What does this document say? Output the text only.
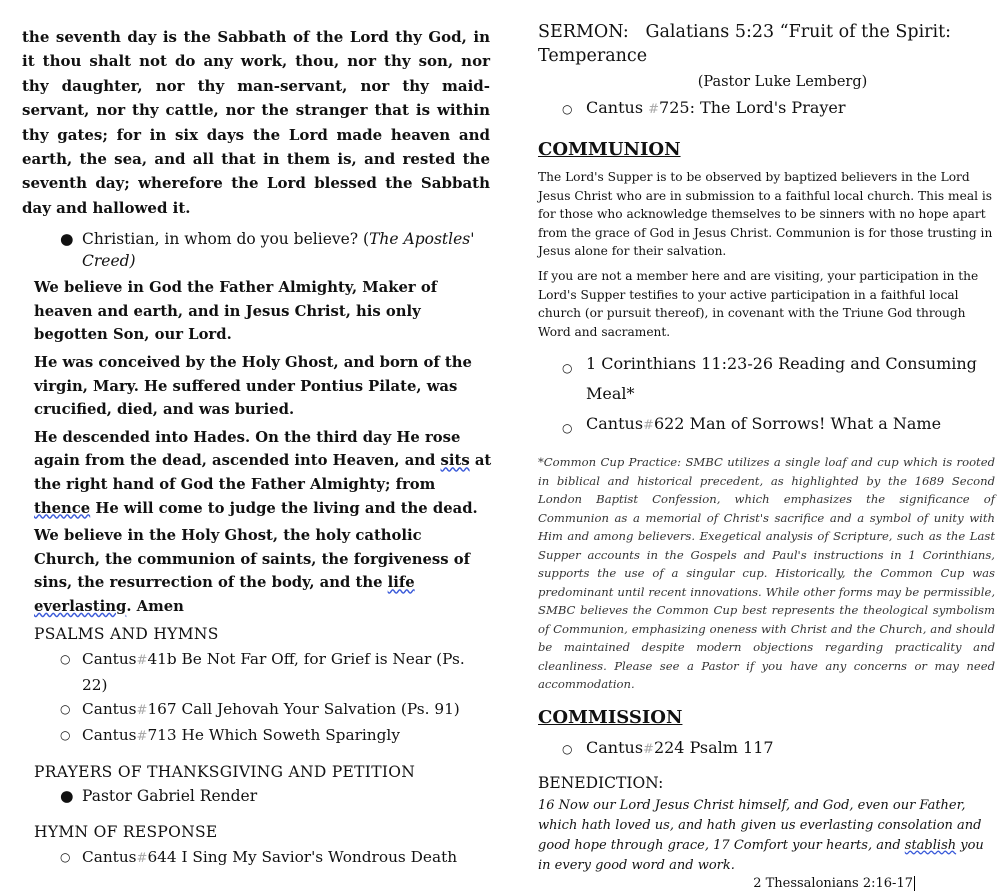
the seventh day is the Sabbath of the Lord thy God, in it thou shalt not do any work, thou, nor thy son, nor thy daughter, nor thy man-servant, nor thy maid-servant, nor thy cattle, nor the stranger that is within thy gates; for in six days the Lord made heaven and earth, the sea, and all that in them is, and rested the seventh day; wherefore the Lord blessed the Sabbath day and hallowed it.
● Christian, in whom do you believe? (The Apostles' Creed)

We believe in God the Father Almighty, Maker of heaven and earth, and in Jesus Christ, his only begotten Son, our Lord.

He was conceived by the Holy Ghost, and born of the virgin, Mary. He suffered under Pontius Pilate, was crucified, died, and was buried.

He descended into Hades. On the third day He rose again from the dead, ascended into Heaven, and sits at the right hand of God the Father Almighty; from thence He will come to judge the living and the dead.

We believe in the Holy Ghost, the holy catholic Church, the communion of saints, the forgiveness of sins, the resurrection of the body, and the life everlasting. Amen

PSALMS AND HYMNS
○ Cantus#41b Be Not Far Off, for Grief is Near (Ps. 22)
○ Cantus#167 Call Jehovah Your Salvation (Ps. 91)
○ Cantus#713 He Which Soweth Sparingly
PRAYERS OF THANKSGIVING AND PETITION
● Pastor Gabriel Render
HYMN OF RESPONSE
○ Cantus#644 I Sing My Savior's Wondrous Death
SERMON: Galatians 5:23 “Fruit of the Spirit: Temperance
(Pastor Luke Lemberg)
○ Cantus #725: The Lord's Prayer
COMMUNION
The Lord's Supper is to be observed by baptized believers in the Lord Jesus Christ who are in submission to a faithful local church. This meal is for those who acknowledge themselves to be sinners with no hope apart from the grace of God in Jesus Christ. Communion is for those trusting in Jesus alone for their salvation.
If you are not a member here and are visiting, your participation in the Lord's Supper testifies to your active participation in a faithful local church (or pursuit thereof), in covenant with the Triune God through Word and sacrament.
○ 1 Corinthians 11:23-26 Reading and Consuming Meal*
○ Cantus#622 Man of Sorrows! What a Name
*Common Cup Practice: SMBC utilizes a single loaf and cup which is rooted in biblical and historical precedent, as highlighted by the 1689 Second London Baptist Confession, which emphasizes the significance of Communion as a memorial of Christ's sacrifice and a symbol of unity with Him and among believers. Exegetical analysis of Scripture, such as the Last Supper accounts in the Gospels and Paul's instructions in 1 Corinthians, supports the use of a singular cup. Historically, the Common Cup was predominant until recent innovations. While other forms may be permissible, SMBC believes the Common Cup best represents the theological symbolism of Communion, emphasizing oneness with Christ and the Church, and should be maintained despite modern objections regarding practicality and cleanliness. Please see a Pastor if you have any concerns or may need accommodation.
COMMISSION
○ Cantus#224 Psalm 117
BENEDICTION:
16 Now our Lord Jesus Christ himself, and God, even our Father, which hath loved us, and hath given us everlasting consolation and good hope through grace, 17 Comfort your hearts, and stablish you in every good word and work.
2 Thessalonians 2:16-17
